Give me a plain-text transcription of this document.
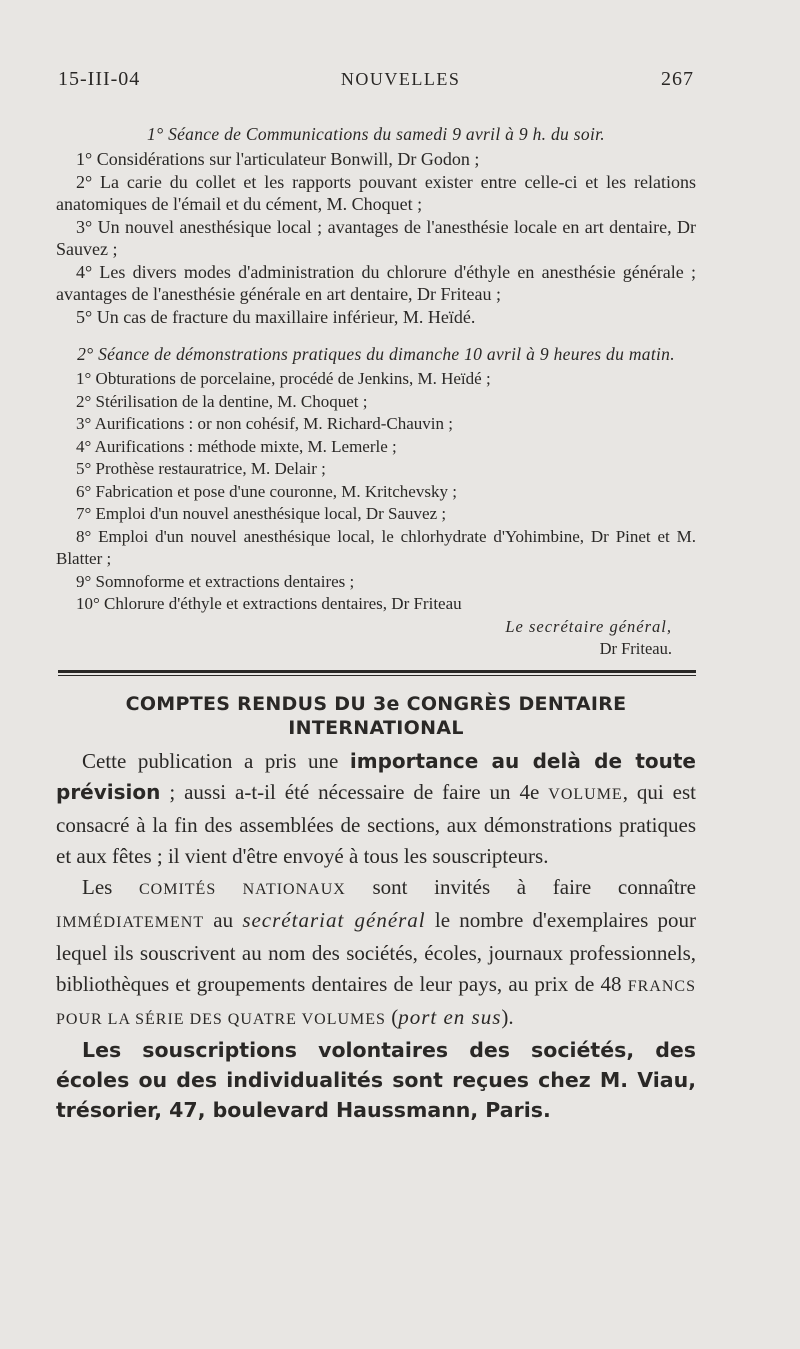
15-III-04	NOUVELLES	267

1° Séance de Communications du samedi 9 avril à 9 h. du soir.

1° Considérations sur l'articulateur Bonwill, Dr Godon ;

2° La carie du collet et les rapports pouvant exister entre celle-ci et les relations anatomiques de l'émail et du cément, M. Choquet ;

3° Un nouvel anesthésique local ; avantages de l'anesthésie locale en art dentaire, Dr Sauvez ;

4° Les divers modes d'administration du chlorure d'éthyle en anesthésie générale ; avantages de l'anesthésie générale en art dentaire, Dr Friteau ;

5° Un cas de fracture du maxillaire inférieur, M. Heïdé.

2° Séance de démonstrations pratiques du dimanche 10 avril à 9 heures du matin.

1° Obturations de porcelaine, procédé de Jenkins, M. Heïdé ;

2° Stérilisation de la dentine, M. Choquet ;

3° Aurifications : or non cohésif, M. Richard-Chauvin ;

4° Aurifications : méthode mixte, M. Lemerle ;

5° Prothèse restauratrice, M. Delair ;

6° Fabrication et pose d'une couronne, M. Kritchevsky ;

7° Emploi d'un nouvel anesthésique local, Dr Sauvez ;

8° Emploi d'un nouvel anesthésique local, le chlorhydrate d'Yohimbine, Dr Pinet et M. Blatter ;

9° Somnoforme et extractions dentaires ;

10° Chlorure d'éthyle et extractions dentaires, Dr Friteau

Le secrétaire général,

Dr Friteau.

COMPTES RENDUS DU 3e CONGRÈS DENTAIRE INTERNATIONAL

Cette publication a pris une importance au delà de toute prévision ; aussi a-t-il été nécessaire de faire un 4e VOLUME, qui est consacré à la fin des assemblées de sections, aux démonstrations pratiques et aux fêtes ; il vient d'être envoyé à tous les souscripteurs.

Les COMITÉS NATIONAUX sont invités à faire connaître IMMÉDIATEMENT au secrétariat général le nombre d'exemplaires pour lequel ils souscrivent au nom des sociétés, écoles, journaux professionnels, bibliothèques et groupements dentaires de leur pays, au prix de 48 FRANCS POUR LA SÉRIE DES QUATRE VOLUMES (port en sus).

Les souscriptions volontaires des sociétés, des écoles ou des individualités sont reçues chez M. Viau, trésorier, 47, boulevard Haussmann, Paris.
